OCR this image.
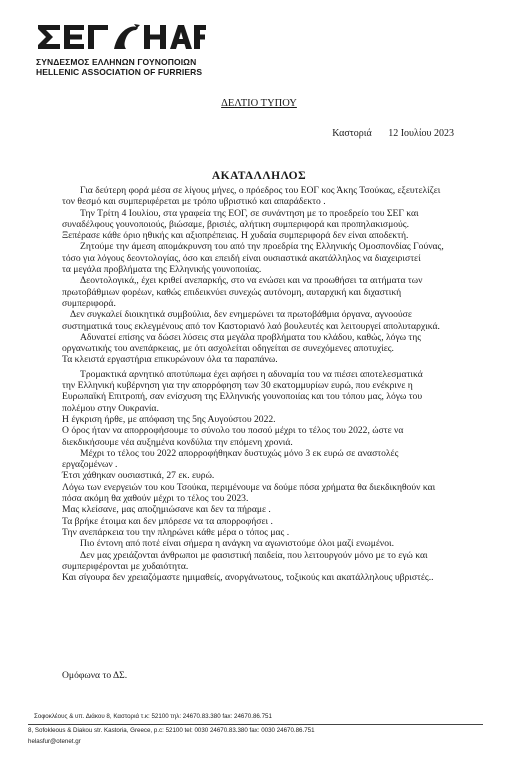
ΣΥΝΔΕΣΜΟΣ ΕΛΛΗΝΩΝ ΓΟΥΝΟΠΟΙΩΝ
HELLENIC ASSOCIATION OF FURRIERS
ΔΕΛΤΙΟ ΤΥΠΟΥ
Καστοριά 12 Ιουλίου 2023
ΑΚΑΤΑΛΛΗΛΟΣ
Για δεύτερη φορά μέσα σε λίγους μήνες, ο πρόεδρος του ΕΟΓ κος Άκης Τσούκας, εξευτελίζει
τον θεσμό και συμπεριφέρεται με τρόπο υβριστικό και απαράδεκτο .
Την Τρίτη 4 Ιουλίου, στα γραφεία της ΕΟΓ, σε συνάντηση με το προεδρείο του ΣΕΓ και
συναδέλφους γουνοποιούς, βιώσαμε, βρισιές, αλήτικη συμπεριφορά και προπηλακισμούς.
Ξεπέρασε κάθε όριο ηθικής και αξιοπρέπειας. Η χυδαία συμπεριφορά δεν είναι αποδεκτή.
Ζητούμε την άμεση απομάκρυνση του από την προεδρία της Ελληνικής Ομοσπονδίας Γούνας,
τόσο για λόγους δεοντολογίας, όσο και επειδή είναι ουσιαστικά ακατάλληλος να διαχειριστεί
τα μεγάλα προβλήματα της Ελληνικής γουνοποιίας.
Δεοντολογικά,, έχει κριθεί ανεπαρκής, στο να ενώσει και να προωθήσει τα αιτήματα των
πρωτοβάθμιων φορέων, καθώς επιδεικνύει συνεχώς αυτόνομη, αυταρχική και διχαστική
συμπεριφορά.
Δεν συγκαλεί διοικητικά συμβούλια, δεν ενημερώνει τα πρωτοβάθμια όργανα, αγνοούσε
συστηματικά τους εκλεγμένους από τον Καστοριανό λαό βουλευτές και λειτουργεί απολυταρχικά.
Αδυνατεί επίσης να δώσει λύσεις στα μεγάλα προβλήματα του κλάδου, καθώς, λόγω της
οργανωτικής του ανεπάρκειας, με ότι ασχολείται οδηγείται σε συνεχόμενες αποτυχίες.
Τα κλειστά εργαστήρια επικυρώνουν όλα τα παραπάνω.
Τρομακτικά αρνητικό αποτύπωμα έχει αφήσει η αδυναμία του να πιέσει αποτελεσματικά
την Ελληνική κυβέρνηση για την απορρόφηση των 30 εκατομμυρίων ευρώ, που ενέκρινε η
Ευρωπαϊκή Επιτροπή, σαν ενίσχυση της Ελληνικής γουνοποιίας και του τόπου μας, λόγω του
πολέμου στην Ουκρανία.
Η έγκριση ήρθε, με απόφαση της 5ης Αυγούστου 2022.
Ο όρος ήταν να απορροφήσουμε το σύνολο του ποσού μέχρι το τέλος του 2022, ώστε να
διεκδικήσουμε νέα αυξημένα κονδύλια την επόμενη χρονιά.
Μέχρι το τέλος του 2022 απορροφήθηκαν δυστυχώς μόνο 3 εκ ευρώ σε αναστολές
εργαζομένων .
Έτσι χάθηκαν ουσιαστικά, 27 εκ. ευρώ.
Λόγω των ενεργειών του κου Τσούκα, περιμένουμε να δούμε πόσα χρήματα θα διεκδικηθούν και
πόσα ακόμη θα χαθούν μέχρι το τέλος του 2023.
Μας κλείσανε, μας αποζημιώσανε και δεν τα πήραμε .
Τα βρήκε έτοιμα και δεν μπόρεσε να τα απορροφήσει .
Την ανεπάρκεια του την πληρώνει κάθε μέρα ο τόπος μας .
Πιο έντονη από ποτέ είναι σήμερα η ανάγκη να αγωνιστούμε όλοι μαζί ενωμένοι.
Δεν μας χρειάζονται άνθρωποι με φασιστική παιδεία, που λειτουργούν μόνο με το εγώ και
συμπεριφέρονται με χυδαιότητα.
Και σίγουρα δεν χρειαζόμαστε ημιμαθείς, ανοργάνωτους, τοξικούς και ακατάλληλους υβριστές..
Ομόφωνα το ΔΣ.
Σοφοκλέους & υπ. Διάκου 8, Καστοριά τ.κ: 52100 τηλ: 24670.83.380 fax: 24670.86.751
8, Sofokleous & Diakou str. Kastoria, Greece, p.c: 52100 tel: 0030 24670.83.380 fax: 0030 24670.86.751
helasfur@otenet.gr
